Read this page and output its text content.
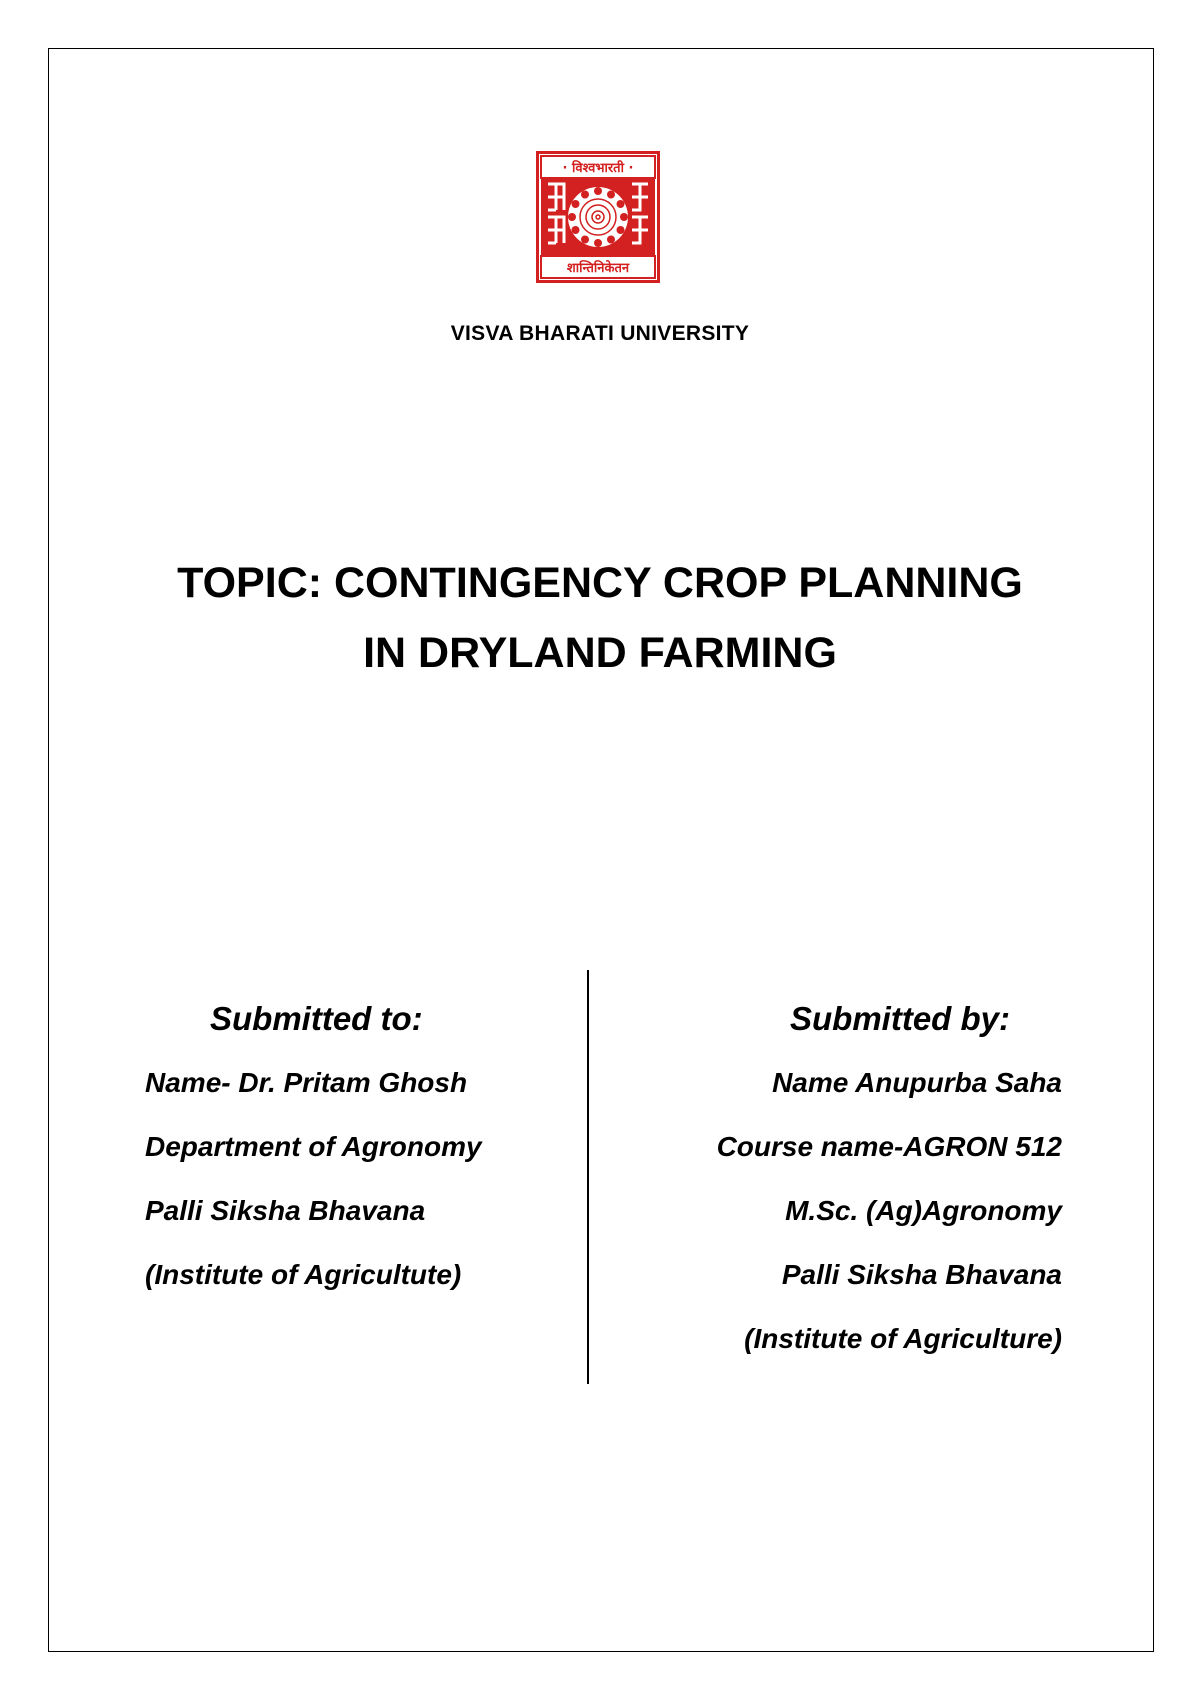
· विश्वभारती ·
शान्तिनिकेतन
VISVA BHARATI UNIVERSITY
TOPIC: CONTINGENCY CROP PLANNING
IN DRYLAND FARMING
Submitted to:
Name- Dr. Pritam Ghosh
Department of Agronomy
Palli Siksha Bhavana
(Institute of Agricultute)
Submitted by:
Name Anupurba Saha
Course name-AGRON 512
M.Sc. (Ag)Agronomy
Palli Siksha Bhavana
(Institute of Agriculture)
